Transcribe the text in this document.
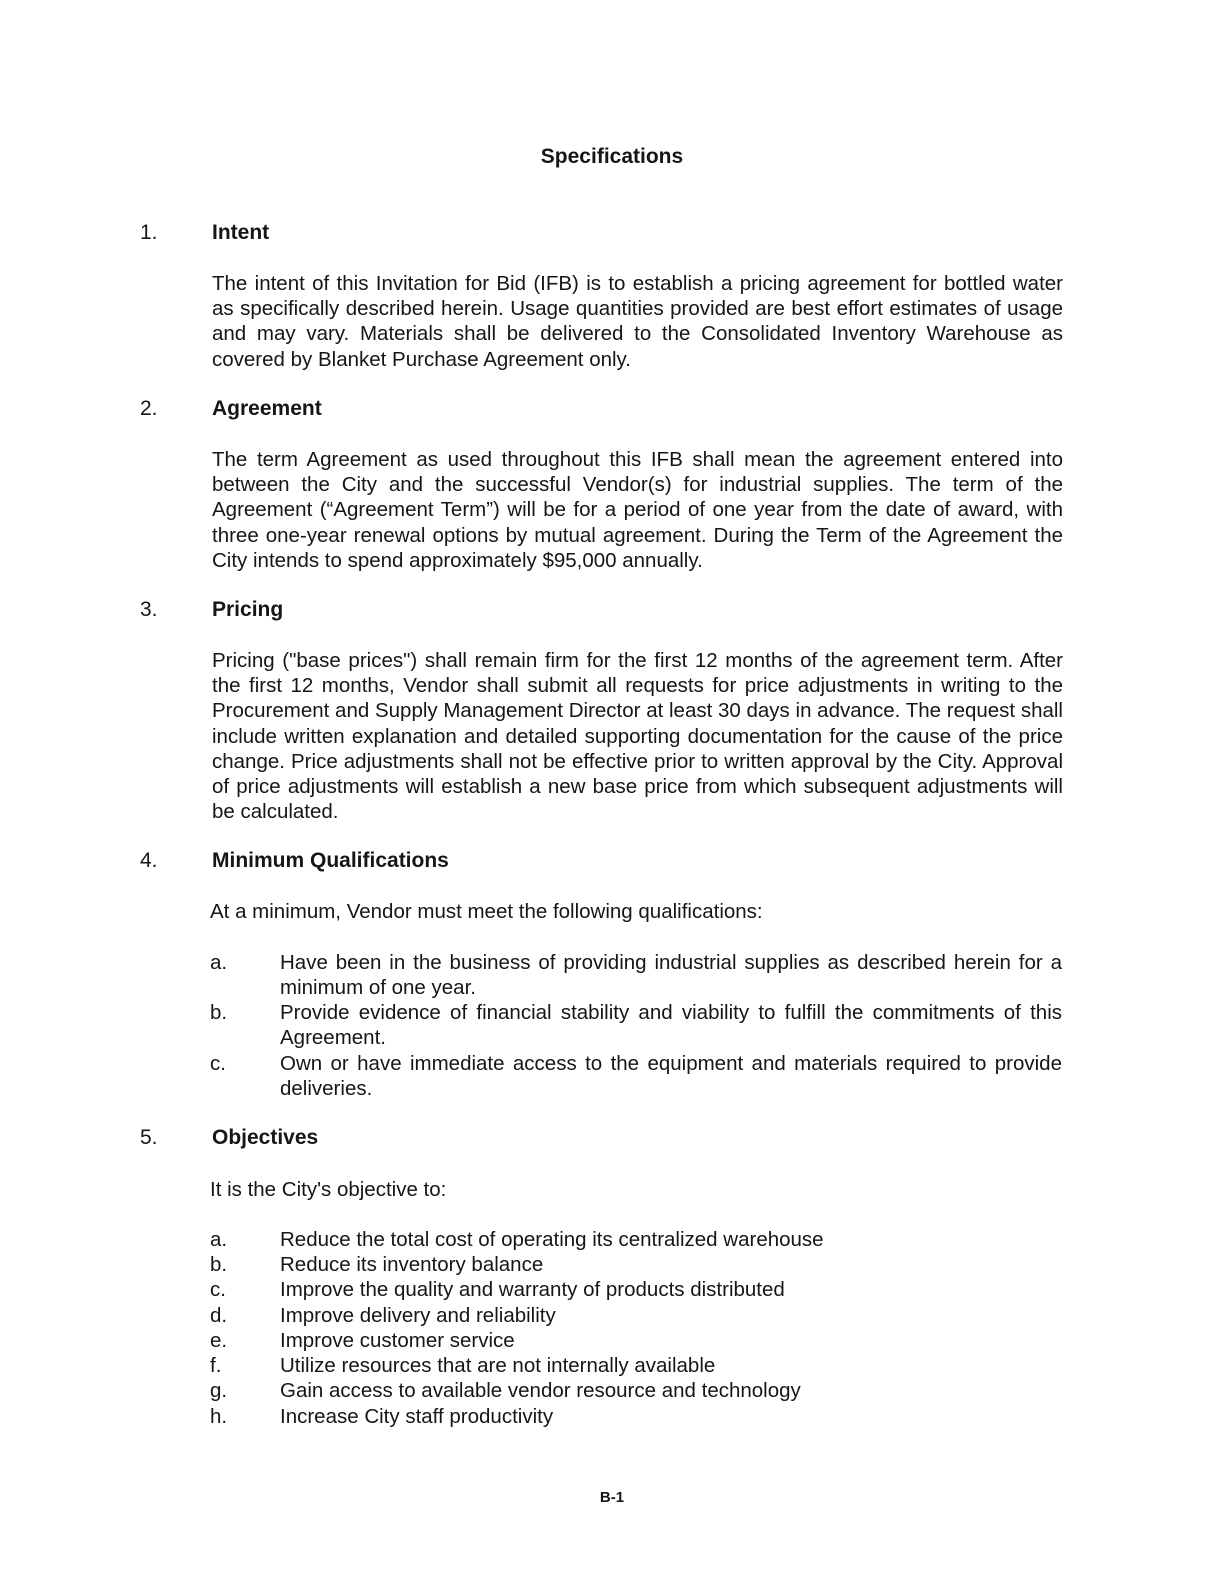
Specifications
1.	Intent

The intent of this Invitation for Bid (IFB) is to establish a pricing agreement for bottled water as specifically described herein. Usage quantities provided are best effort estimates of usage and may vary. Materials shall be delivered to the Consolidated Inventory Warehouse as covered by Blanket Purchase Agreement only.

2.	Agreement

The term Agreement as used throughout this IFB shall mean the agreement entered into between the City and the successful Vendor(s) for industrial supplies. The term of the Agreement (“Agreement Term”) will be for a period of one year from the date of award, with three one-year renewal options by mutual agreement. During the Term of the Agreement the City intends to spend approximately $95,000 annually.

3.	Pricing

Pricing ("base prices") shall remain firm for the first 12 months of the agreement term. After the first 12 months, Vendor shall submit all requests for price adjustments in writing to the Procurement and Supply Management Director at least 30 days in advance. The request shall include written explanation and detailed supporting documentation for the cause of the price change. Price adjustments shall not be effective prior to written approval by the City. Approval of price adjustments will establish a new base price from which subsequent adjustments will be calculated.

4.	Minimum Qualifications

At a minimum, Vendor must meet the following qualifications:

a.	Have been in the business of providing industrial supplies as described herein for a minimum of one year.
b.	Provide evidence of financial stability and viability to fulfill the commitments of this Agreement.
c.	Own or have immediate access to the equipment and materials required to provide deliveries.
5.	Objectives

It is the City's objective to:

a.	Reduce the total cost of operating its centralized warehouse
b.	Reduce its inventory balance
c.	Improve the quality and warranty of products distributed
d.	Improve delivery and reliability
e.	Improve customer service
f.	Utilize resources that are not internally available
g.	Gain access to available vendor resource and technology
h.	Increase City staff productivity
B-1
